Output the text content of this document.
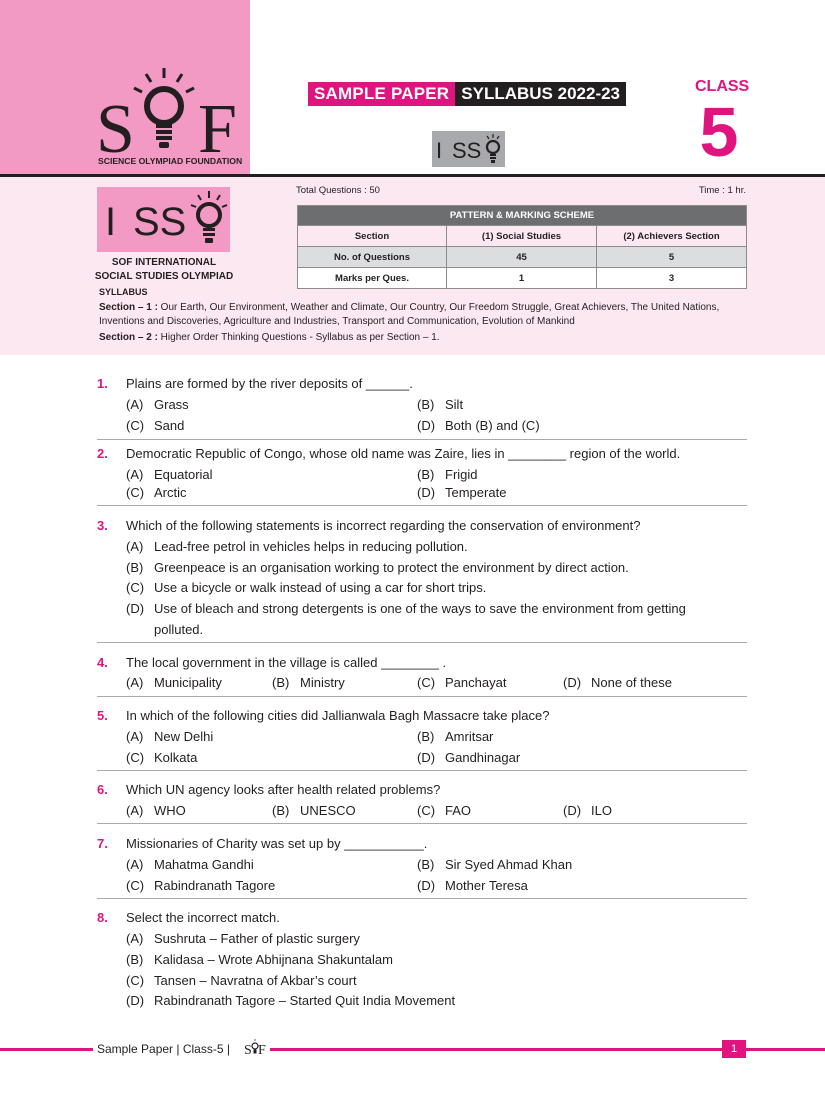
S F
SCIENCE OLYMPIAD FOUNDATION
SAMPLE PAPER SYLLABUS 2022-23
I SS
CLASS
5
I SS
SOF INTERNATIONAL
SOCIAL STUDIES OLYMPIAD
SYLLABUS
Total Questions : 50	Time : 1 hr.
PATTERN & MARKING SCHEME		
Section	(1) Social Studies	(2) Achievers Section
No. of Questions	45	5
Marks per Ques.	1	3
Section – 1 : Our Earth, Our Environment, Weather and Climate, Our Country, Our Freedom Struggle, Great Achievers, The United Nations, Inventions and Discoveries, Agriculture and Industries, Transport and Communication, Evolution of Mankind
Section – 2 : Higher Order Thinking Questions - Syllabus as per Section – 1.
1. Plains are formed by the river deposits of ______.
(A) Grass	(B) Silt
(C) Sand	(D) Both (B) and (C)
2. Democratic Republic of Congo, whose old name was Zaire, lies in ________ region of the world.
(A) Equatorial	(B) Frigid
(C) Arctic	(D) Temperate
3. Which of the following statements is incorrect regarding the conservation of environment?
(A) Lead-free petrol in vehicles helps in reducing pollution.
(B) Greenpeace is an organisation working to protect the environment by direct action.
(C) Use a bicycle or walk instead of using a car for short trips.
(D) Use of bleach and strong detergents is one of the ways to save the environment from getting
polluted.
4. The local government in the village is called ________ .
(A) Municipality	(B) Ministry	(C) Panchayat	(D) None of these
5. In which of the following cities did Jallianwala Bagh Massacre take place?
(A) New Delhi	(B) Amritsar
(C) Kolkata	(D) Gandhinagar
6. Which UN agency looks after health related problems?
(A) WHO	(B) UNESCO	(C) FAO	(D) ILO
7. Missionaries of Charity was set up by ___________.
(A) Mahatma Gandhi	(B) Sir Syed Ahmad Khan
(C) Rabindranath Tagore	(D) Mother Teresa
8. Select the incorrect match.
(A) Sushruta – Father of plastic surgery
(B) Kalidasa – Wrote Abhijnana Shakuntalam
(C) Tansen – Navratna of Akbar’s court
(D) Rabindranath Tagore – Started Quit India Movement
Sample Paper | Class-5 | S F	1
